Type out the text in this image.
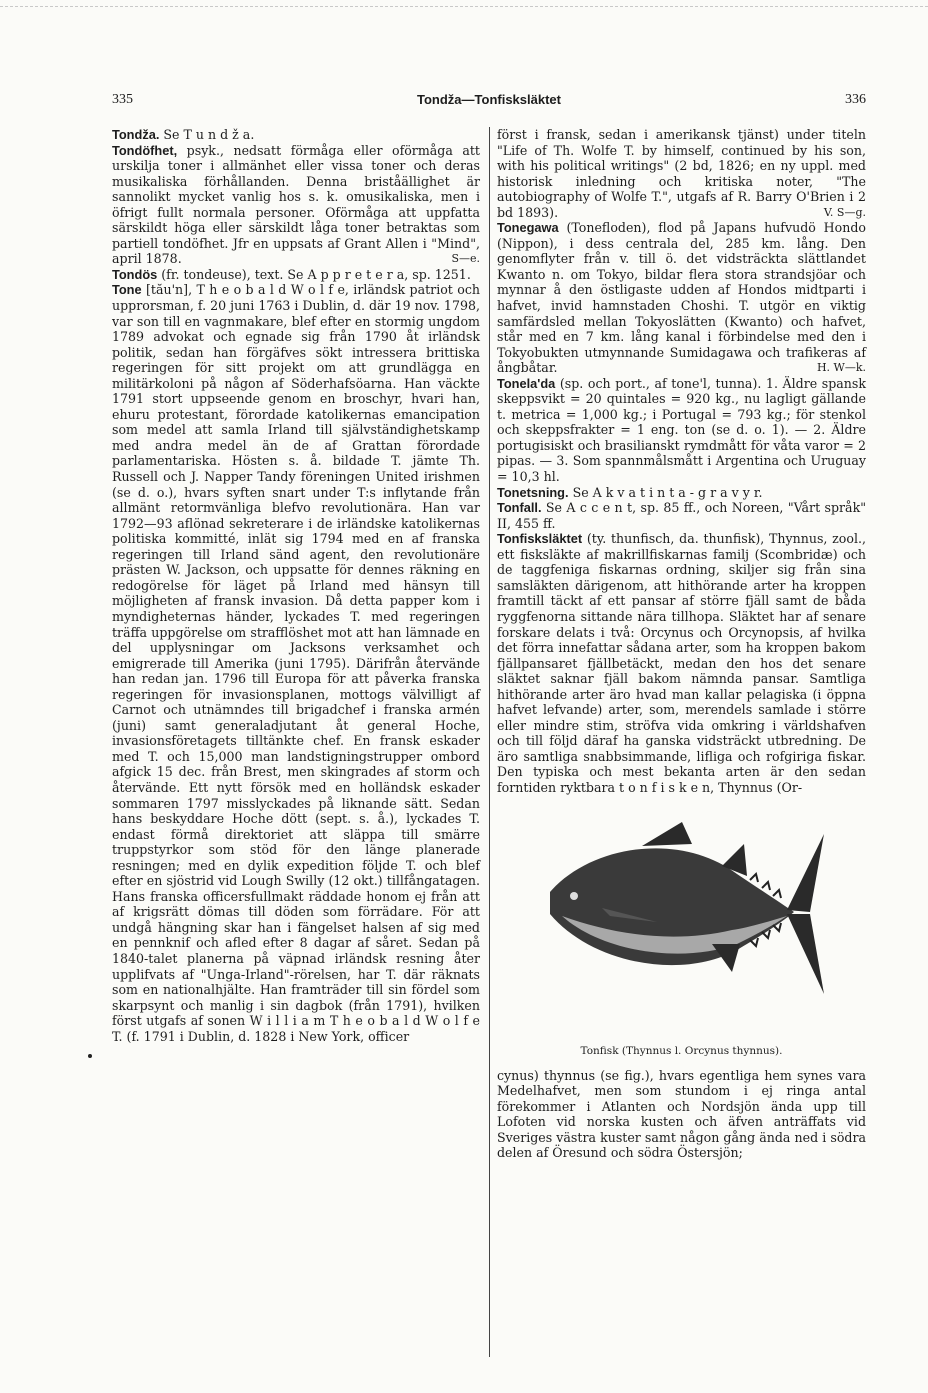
335	Tondža—Tonfisksläktet	336
Tondža. Se T u n d ž a.
Tondöfhet, psyk., nedsatt förmåga eller oförmåga att urskilja toner i allmänhet eller vissa toner och deras musikaliska förhållanden. Denna briståällighet är sannolikt mycket vanlig hos s. k. omusikaliska, men i öfrigt fullt normala personer. Oförmåga att uppfatta särskildt höga eller särskildt låga toner betraktas som partiell tondöfhet. Jfr en uppsats af Grant Allen i "Mind", april 1878.	S—e.
Tondös (fr. tondeuse), text. Se A p p r e t e r a, sp. 1251.
Tone [tău'n], T h e o b a l d W o l f e, irländsk patriot och upprorsman, f. 20 juni 1763 i Dublin, d. där 19 nov. 1798, var son till en vagnmakare, blef efter en stormig ungdom 1789 advokat och egnade sig från 1790 åt irländsk politik, sedan han förgäfves sökt intressera brittiska regeringen för sitt projekt om att grundlägga en militärkoloni på någon af Söderhafsöarna. Han väckte 1791 stort uppseende genom en broschyr, hvari han, ehuru protestant, förordade katolikernas emancipation som medel att samla Irland till självständighetskamp med andra medel än de af Grattan förordade parlamentariska. Hösten s. å. bildade T. jämte Th. Russell och J. Napper Tandy föreningen United irishmen (se d. o.), hvars syften snart under T:s inflytande från allmänt retormvänliga blefvo revolutionära. Han var 1792—93 aflönad sekreterare i de irländske katolikernas politiska kommitté, inlät sig 1794 med en af franska regeringen till Irland sänd agent, den revolutionäre prästen W. Jackson, och uppsatte för dennes räkning en redogörelse för läget på Irland med hänsyn till möjligheten af fransk invasion. Då detta papper kom i myndigheternas händer, lyckades T. med regeringen träffa uppgörelse om strafflöshet mot att han lämnade en del upplysningar om Jacksons verksamhet och emigrerade till Amerika (juni 1795). Därifrån återvände han redan jan. 1796 till Europa för att påverka franska regeringen för invasionsplanen, mottogs välvilligt af Carnot och utnämndes till brigadchef i franska armén (juni) samt generaladjutant åt general Hoche, invasionsföretagets tilltänkte chef. En fransk eskader med T. och 15,000 man landstigningstrupper ombord afgick 15 dec. från Brest, men skingrades af storm och återvände. Ett nytt försök med en holländsk eskader sommaren 1797 misslyckades på liknande sätt. Sedan hans beskyddare Hoche dött (sept. s. å.), lyckades T. endast förmå direktoriet att släppa till smärre truppstyrkor som stöd för den länge planerade resningen; med en dylik expedition följde T. och blef efter en sjöstrid vid Lough Swilly (12 okt.) tillfångatagen. Hans franska officersfullmakt räddade honom ej från att af krigsrätt dömas till döden som förrädare. För att undgå hängning skar han i fängelset halsen af sig med en pennknif och afled efter 8 dagar af såret. Sedan på 1840-talet planerna på väpnad irländsk resning åter upplifvats af "Unga-Irland"-rörelsen, har T. där räknats som en nationalhjälte. Han framträder till sin fördel som skarpsynt och manlig i sin dagbok (från 1791), hvilken först utgafs af sonen W i l l i a m T h e o b a l d W o l f e T. (f. 1791 i Dublin, d. 1828 i New York, officer
först i fransk, sedan i amerikansk tjänst) under titeln "Life of Th. Wolfe T. by himself, continued by his son, with his political writings" (2 bd, 1826; en ny uppl. med historisk inledning och kritiska noter, "The autobiography of Wolfe T.", utgafs af R. Barry O'Brien i 2 bd 1893).	V. S—g.
Tonegawa (Tonefloden), flod på Japans hufvudö Hondo (Nippon), i dess centrala del, 285 km. lång. Den genomflyter från v. till ö. det vidsträckta slättlandet Kwanto n. om Tokyo, bildar flera stora strandsjöar och mynnar å den östligaste udden af Hondos midtparti i hafvet, invid hamnstaden Choshi. T. utgör en viktig samfärdsled mellan Tokyoslätten (Kwanto) och hafvet, står med en 7 km. lång kanal i förbindelse med den i Tokyobukten utmynnande Sumidagawa och trafikeras af ångbåtar.	H. W—k.
Tonela'da (sp. och port., af tone'l, tunna). 1. Äldre spansk skeppsvikt = 20 quintales = 920 kg., nu lagligt gällande t. metrica = 1,000 kg.; i Portugal = 793 kg.; för stenkol och skeppsfrakter = 1 eng. ton (se d. o. 1). — 2. Äldre portugisiskt och brasilianskt rymdmått för våta varor = 2 pipas. — 3. Som spannmålsmått i Argentina och Uruguay = 10,3 hl.
Tonetsning. Se A k v a t i n t a - g r a v y r.
Tonfall. Se A c c e n t, sp. 85 ff., och Noreen, "Vårt språk" II, 455 ff.
Tonfisksläktet (ty. thunfisch, da. thunfisk), Thynnus, zool., ett fisksläkte af makrillfiskarnas familj (Scombridæ) och de taggfeniga fiskarnas ordning, skiljer sig från sina samsläkten därigenom, att hithörande arter ha kroppen framtill täckt af ett pansar af större fjäll samt de båda ryggfenorna sittande nära tillhopa. Släktet har af senare forskare delats i två: Orcynus och Orcynopsis, af hvilka det förra innefattar sådana arter, som ha kroppen bakom fjällpansaret fjällbetäckt, medan den hos det senare släktet saknar fjäll bakom nämnda pansar. Samtliga hithörande arter äro hvad man kallar pelagiska (i öppna hafvet lefvande) arter, som, merendels samlade i större eller mindre stim, ströfva vida omkring i världshafven och till följd däraf ha ganska vidsträckt utbredning. De äro samtliga snabbsimmande, lifliga och rofgiriga fiskar. Den typiska och mest bekanta arten är den sedan forntiden ryktbara t o n f i s k e n, Thynnus (Or-
Tonfisk (Thynnus l. Orcynus thynnus).
cynus) thynnus (se fig.), hvars egentliga hem synes vara Medelhafvet, men som stundom i ej ringa antal förekommer i Atlanten och Nordsjön ända upp till Lofoten vid norska kusten och äfven anträffats vid Sveriges västra kuster samt någon gång ända ned i södra delen af Öresund och södra Östersjön;
